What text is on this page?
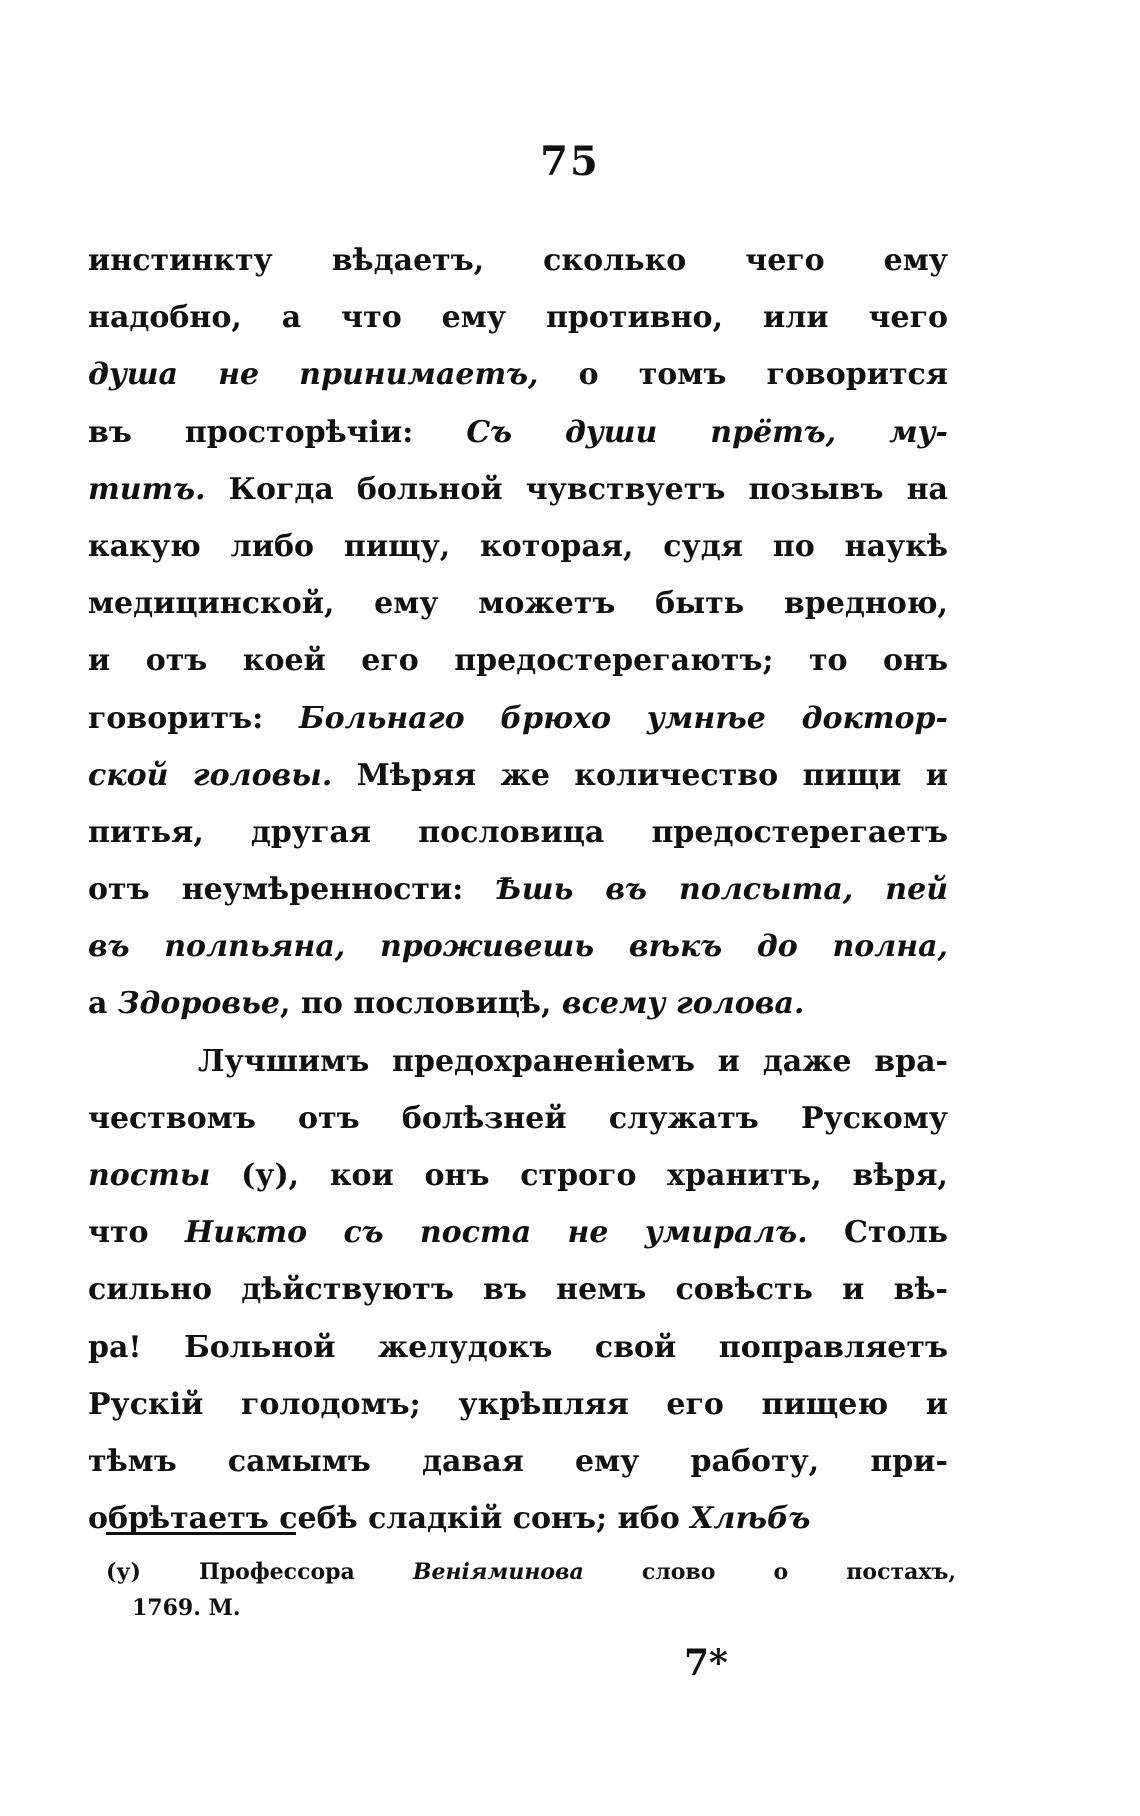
75
инстинкту вѣдаетъ, сколько чего ему
надобно, а что ему противно, или чего
душа не принимаетъ, о томъ говорится
въ просторѣчіи: Съ души прётъ, му-
титъ. Когда больной чувствуетъ позывъ на
какую либо пищу, которая, судя по наукѣ
медицинской, ему можетъ быть вредною,
и отъ коей его предостерегаютъ; то онъ
говоритъ: Больнаго брюхо умнѣе доктор-
ской головы. Мѣряя же количество пищи и
питья, другая пословица предостерегаетъ
отъ неумѣренности: Ѣшь въ полсыта, пей
въ полпьяна, проживешь вѣкъ до полна,
а Здоровье, по пословицѣ, всему голова.
Лучшимъ предохраненіемъ и даже вра-
чествомъ отъ болѣзней служатъ Рускому
посты (у), кои онъ строго хранитъ, вѣря,
что Никто съ поста не умиралъ. Столь
сильно дѣйствуютъ въ немъ совѣсть и вѣ-
ра! Больной желудокъ свой поправляетъ
Рускій голодомъ; укрѣпляя его пищею и
тѣмъ самымъ давая ему работу, при-
обрѣтаетъ себѣ сладкій сонъ; ибо Хлѣбъ
(у) Профессора Веніяминова слово о постахъ,
1769. М.
7*
